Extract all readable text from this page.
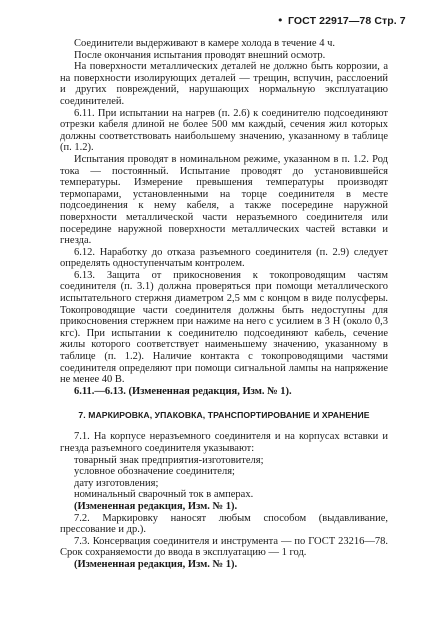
• ГОСТ 22917—78 Стр. 7

Соединители выдерживают в камере холода в течение 4 ч.

После окончания испытания проводят внешний осмотр.

На поверхности металлических деталей не должно быть коррозии, а на поверхности изолирующих деталей — трещин, вспучин, расслоений и других повреждений, нарушающих нормальную эксплуатацию соединителей.

6.11. При испытании на нагрев (п. 2.6) к соединителю подсоединяют отрезки кабеля длиной не более 500 мм каждый, сечения жил которых должны соответствовать наибольшему значению, указанному в таблице (п. 1.2).

Испытания проводят в номинальном режиме, указанном в п. 1.2. Род тока — постоянный. Испытание проводят до установившейся температуры. Измерение превышения температуры производят термопарами, установленными на торце соединителя в месте подсоединения к нему кабеля, а также посередине наружной поверхности металлической части неразъемного соединителя или посередине наружной поверхности металлических частей вставки и гнезда.

6.12. Наработку до отказа разъемного соединителя (п. 2.9) следует определять одноступенчатым контролем.

6.13. Защита от прикосновения к токопроводящим частям соединителя (п. 3.1) должна проверяться при помощи металлического испытательного стержня диаметром 2,5 мм с концом в виде полусферы. Токопроводящие части соединителя должны быть недоступны для прикосновения стержнем при нажиме на него с усилием в 3 Н (около 0,3 кгс). При испытании к соединителю подсоединяют кабель, сечение жилы которого соответствует наименьшему значению, указанному в таблице (п. 1.2). Наличие контакта с токопроводящими частями соединителя определяют при помощи сигнальной лампы на напряжение не менее 40 В.

6.11.—6.13. (Измененная редакция, Изм. № 1).

7. МАРКИРОВКА, УПАКОВКА, ТРАНСПОРТИРОВАНИЕ И ХРАНЕНИЕ

7.1. На корпусе неразъемного соединителя и на корпусах вставки и гнезда разъемного соединителя указывают:

товарный знак предприятия-изготовителя;

условное обозначение соединителя;

дату изготовления;

номинальный сварочный ток в амперах.

(Измененная редакция, Изм. № 1).

7.2. Маркировку наносят любым способом (выдавливание, прессование и др.).

7.3. Консервация соединителя и инструмента — по ГОСТ 23216—78. Срок сохраняемости до ввода в эксплуатацию — 1 год.

(Измененная редакция, Изм. № 1).
